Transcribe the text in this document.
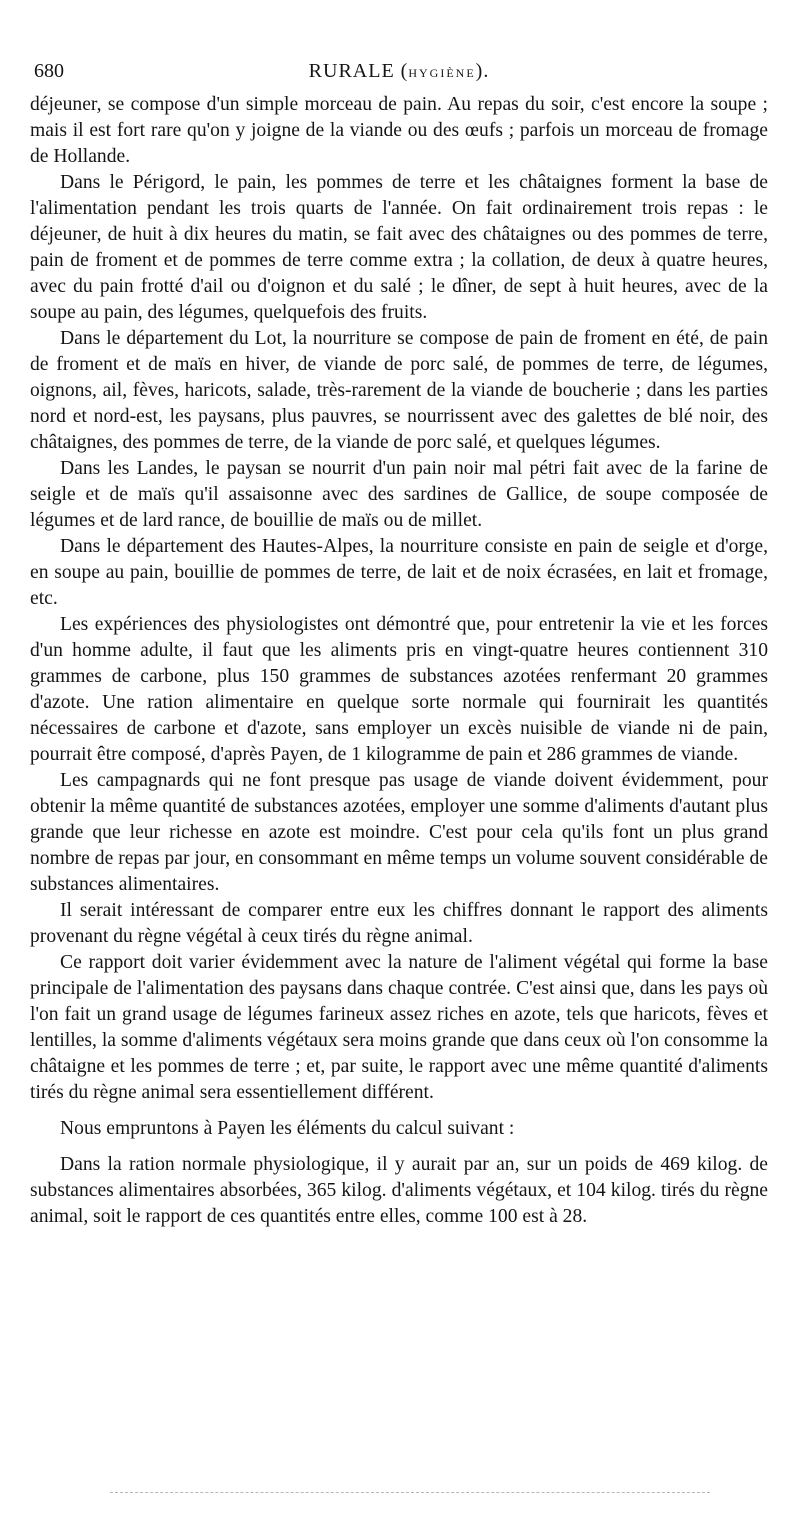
680	RURALE (HYGIÈNE).

déjeuner, se compose d'un simple morceau de pain. Au repas du soir, c'est encore la soupe ; mais il est fort rare qu'on y joigne de la viande ou des œufs ; parfois un morceau de fromage de Hollande.

Dans le Périgord, le pain, les pommes de terre et les châtaignes forment la base de l'alimentation pendant les trois quarts de l'année. On fait ordinairement trois repas : le déjeuner, de huit à dix heures du matin, se fait avec des châtaignes ou des pommes de terre, pain de froment et de pommes de terre comme extra ; la collation, de deux à quatre heures, avec du pain frotté d'ail ou d'oignon et du salé ; le dîner, de sept à huit heures, avec de la soupe au pain, des légumes, quelquefois des fruits.

Dans le département du Lot, la nourriture se compose de pain de froment en été, de pain de froment et de maïs en hiver, de viande de porc salé, de pommes de terre, de légumes, oignons, ail, fèves, haricots, salade, très-rarement de la viande de boucherie ; dans les parties nord et nord-est, les paysans, plus pauvres, se nourrissent avec des galettes de blé noir, des châtaignes, des pommes de terre, de la viande de porc salé, et quelques légumes.

Dans les Landes, le paysan se nourrit d'un pain noir mal pétri fait avec de la farine de seigle et de maïs qu'il assaisonne avec des sardines de Gallice, de soupe composée de légumes et de lard rance, de bouillie de maïs ou de millet.

Dans le département des Hautes-Alpes, la nourriture consiste en pain de seigle et d'orge, en soupe au pain, bouillie de pommes de terre, de lait et de noix écrasées, en lait et fromage, etc.

Les expériences des physiologistes ont démontré que, pour entretenir la vie et les forces d'un homme adulte, il faut que les aliments pris en vingt-quatre heures contiennent 310 grammes de carbone, plus 150 grammes de substances azotées renfermant 20 grammes d'azote. Une ration alimentaire en quelque sorte normale qui fournirait les quantités nécessaires de carbone et d'azote, sans employer un excès nuisible de viande ni de pain, pourrait être composé, d'après Payen, de 1 kilogramme de pain et 286 grammes de viande.

Les campagnards qui ne font presque pas usage de viande doivent évidemment, pour obtenir la même quantité de substances azotées, employer une somme d'aliments d'autant plus grande que leur richesse en azote est moindre. C'est pour cela qu'ils font un plus grand nombre de repas par jour, en consommant en même temps un volume souvent considérable de substances alimentaires.

Il serait intéressant de comparer entre eux les chiffres donnant le rapport des aliments provenant du règne végétal à ceux tirés du règne animal.

Ce rapport doit varier évidemment avec la nature de l'aliment végétal qui forme la base principale de l'alimentation des paysans dans chaque contrée. C'est ainsi que, dans les pays où l'on fait un grand usage de légumes farineux assez riches en azote, tels que haricots, fèves et lentilles, la somme d'aliments végétaux sera moins grande que dans ceux où l'on consomme la châtaigne et les pommes de terre ; et, par suite, le rapport avec une même quantité d'aliments tirés du règne animal sera essentiellement différent.

Nous empruntons à Payen les éléments du calcul suivant :

Dans la ration normale physiologique, il y aurait par an, sur un poids de 469 kilog. de substances alimentaires absorbées, 365 kilog. d'aliments végétaux, et 104 kilog. tirés du règne animal, soit le rapport de ces quantités entre elles, comme 100 est à 28.
